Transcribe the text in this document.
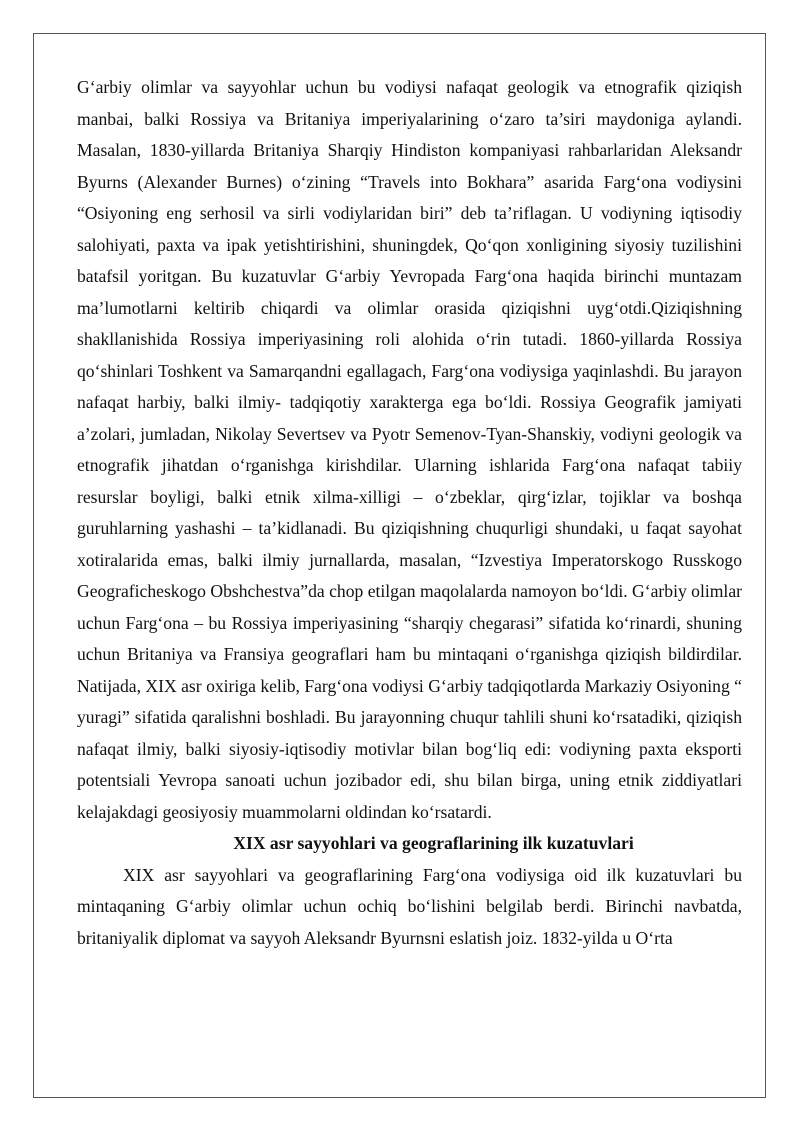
G‘arbiy olimlar va sayyohlar uchun bu vodiysi nafaqat geologik va etnografik qiziqish manbai, balki Rossiya va Britaniya imperiyalarining o‘zaro ta’siri maydoniga aylandi. Masalan, 1830-yillarda Britaniya Sharqiy Hindiston kompaniyasi rahbarlaridan Aleksandr Byurns (Alexander Burnes) o‘zining “Travels into Bokhara” asarida Farg‘ona vodiysini “Osiyoning eng serhosil va sirli vodiylaridan biri” deb ta’riflagan. U vodiyning iqtisodiy salohiyati, paxta va ipak yetishtirishini, shuningdek, Qo‘qon xonligining siyosiy tuzilishini batafsil yoritgan. Bu kuzatuvlar G‘arbiy Yevropada Farg‘ona haqida birinchi muntazam ma’lumotlarni keltirib chiqardi va olimlar orasida qiziqishni uyg‘otdi.Qiziqishning shakllanishida Rossiya imperiyasining roli alohida o‘rin tutadi. 1860-yillarda Rossiya qo‘shinlari Toshkent va Samarqandni egallagach, Farg‘ona vodiysiga yaqinlashdi. Bu jarayon nafaqat harbiy, balki ilmiy- tadqiqotiy xarakterga ega bo‘ldi. Rossiya Geografik jamiyati a’zolari, jumladan, Nikolay Severtsev va Pyotr Semenov-Tyan-Shanskiy, vodiyni geologik va etnografik jihatdan o‘rganishga kirishdilar. Ularning ishlarida Farg‘ona nafaqat tabiiy resurslar boyligi, balki etnik xilma-xilligi – o‘zbeklar, qirg‘izlar, tojiklar va boshqa guruhlarning yashashi – ta’kidlanadi. Bu qiziqishning chuqurligi shundaki, u faqat sayohat xotiralarida emas, balki ilmiy jurnallarda, masalan, “Izvestiya Imperatorskogo Russkogo Geograficheskogo Obshchestva”da chop etilgan maqolalarda namoyon bo‘ldi. G‘arbiy olimlar uchun Farg‘ona – bu Rossiya imperiyasining “sharqiy chegarasi” sifatida ko‘rinardi, shuning uchun Britaniya va Fransiya geograflari ham bu mintaqani o‘rganishga qiziqish bildirdilar. Natijada, XIX asr oxiriga kelib, Farg‘ona vodiysi G‘arbiy tadqiqotlarda Markaziy Osiyoning “ yuragi” sifatida qaralishni boshladi. Bu jarayonning chuqur tahlili shuni ko‘rsatadiki, qiziqish nafaqat ilmiy, balki siyosiy-iqtisodiy motivlar bilan bog‘liq edi: vodiyning paxta eksporti potentsiali Yevropa sanoati uchun jozibador edi, shu bilan birga, uning etnik ziddiyatlari kelajakdagi geosiyosiy muammolarni oldindan ko‘rsatardi.

XIX asr sayyohlari va geograflarining ilk kuzatuvlari

XIX asr sayyohlari va geograflarining Farg‘ona vodiysiga oid ilk kuzatuvlari bu mintaqaning G‘arbiy olimlar uchun ochiq bo‘lishini belgilab berdi. Birinchi navbatda, britaniyalik diplomat va sayyoh Aleksandr Byurnsni eslatish joiz. 1832-yilda u O‘rta
